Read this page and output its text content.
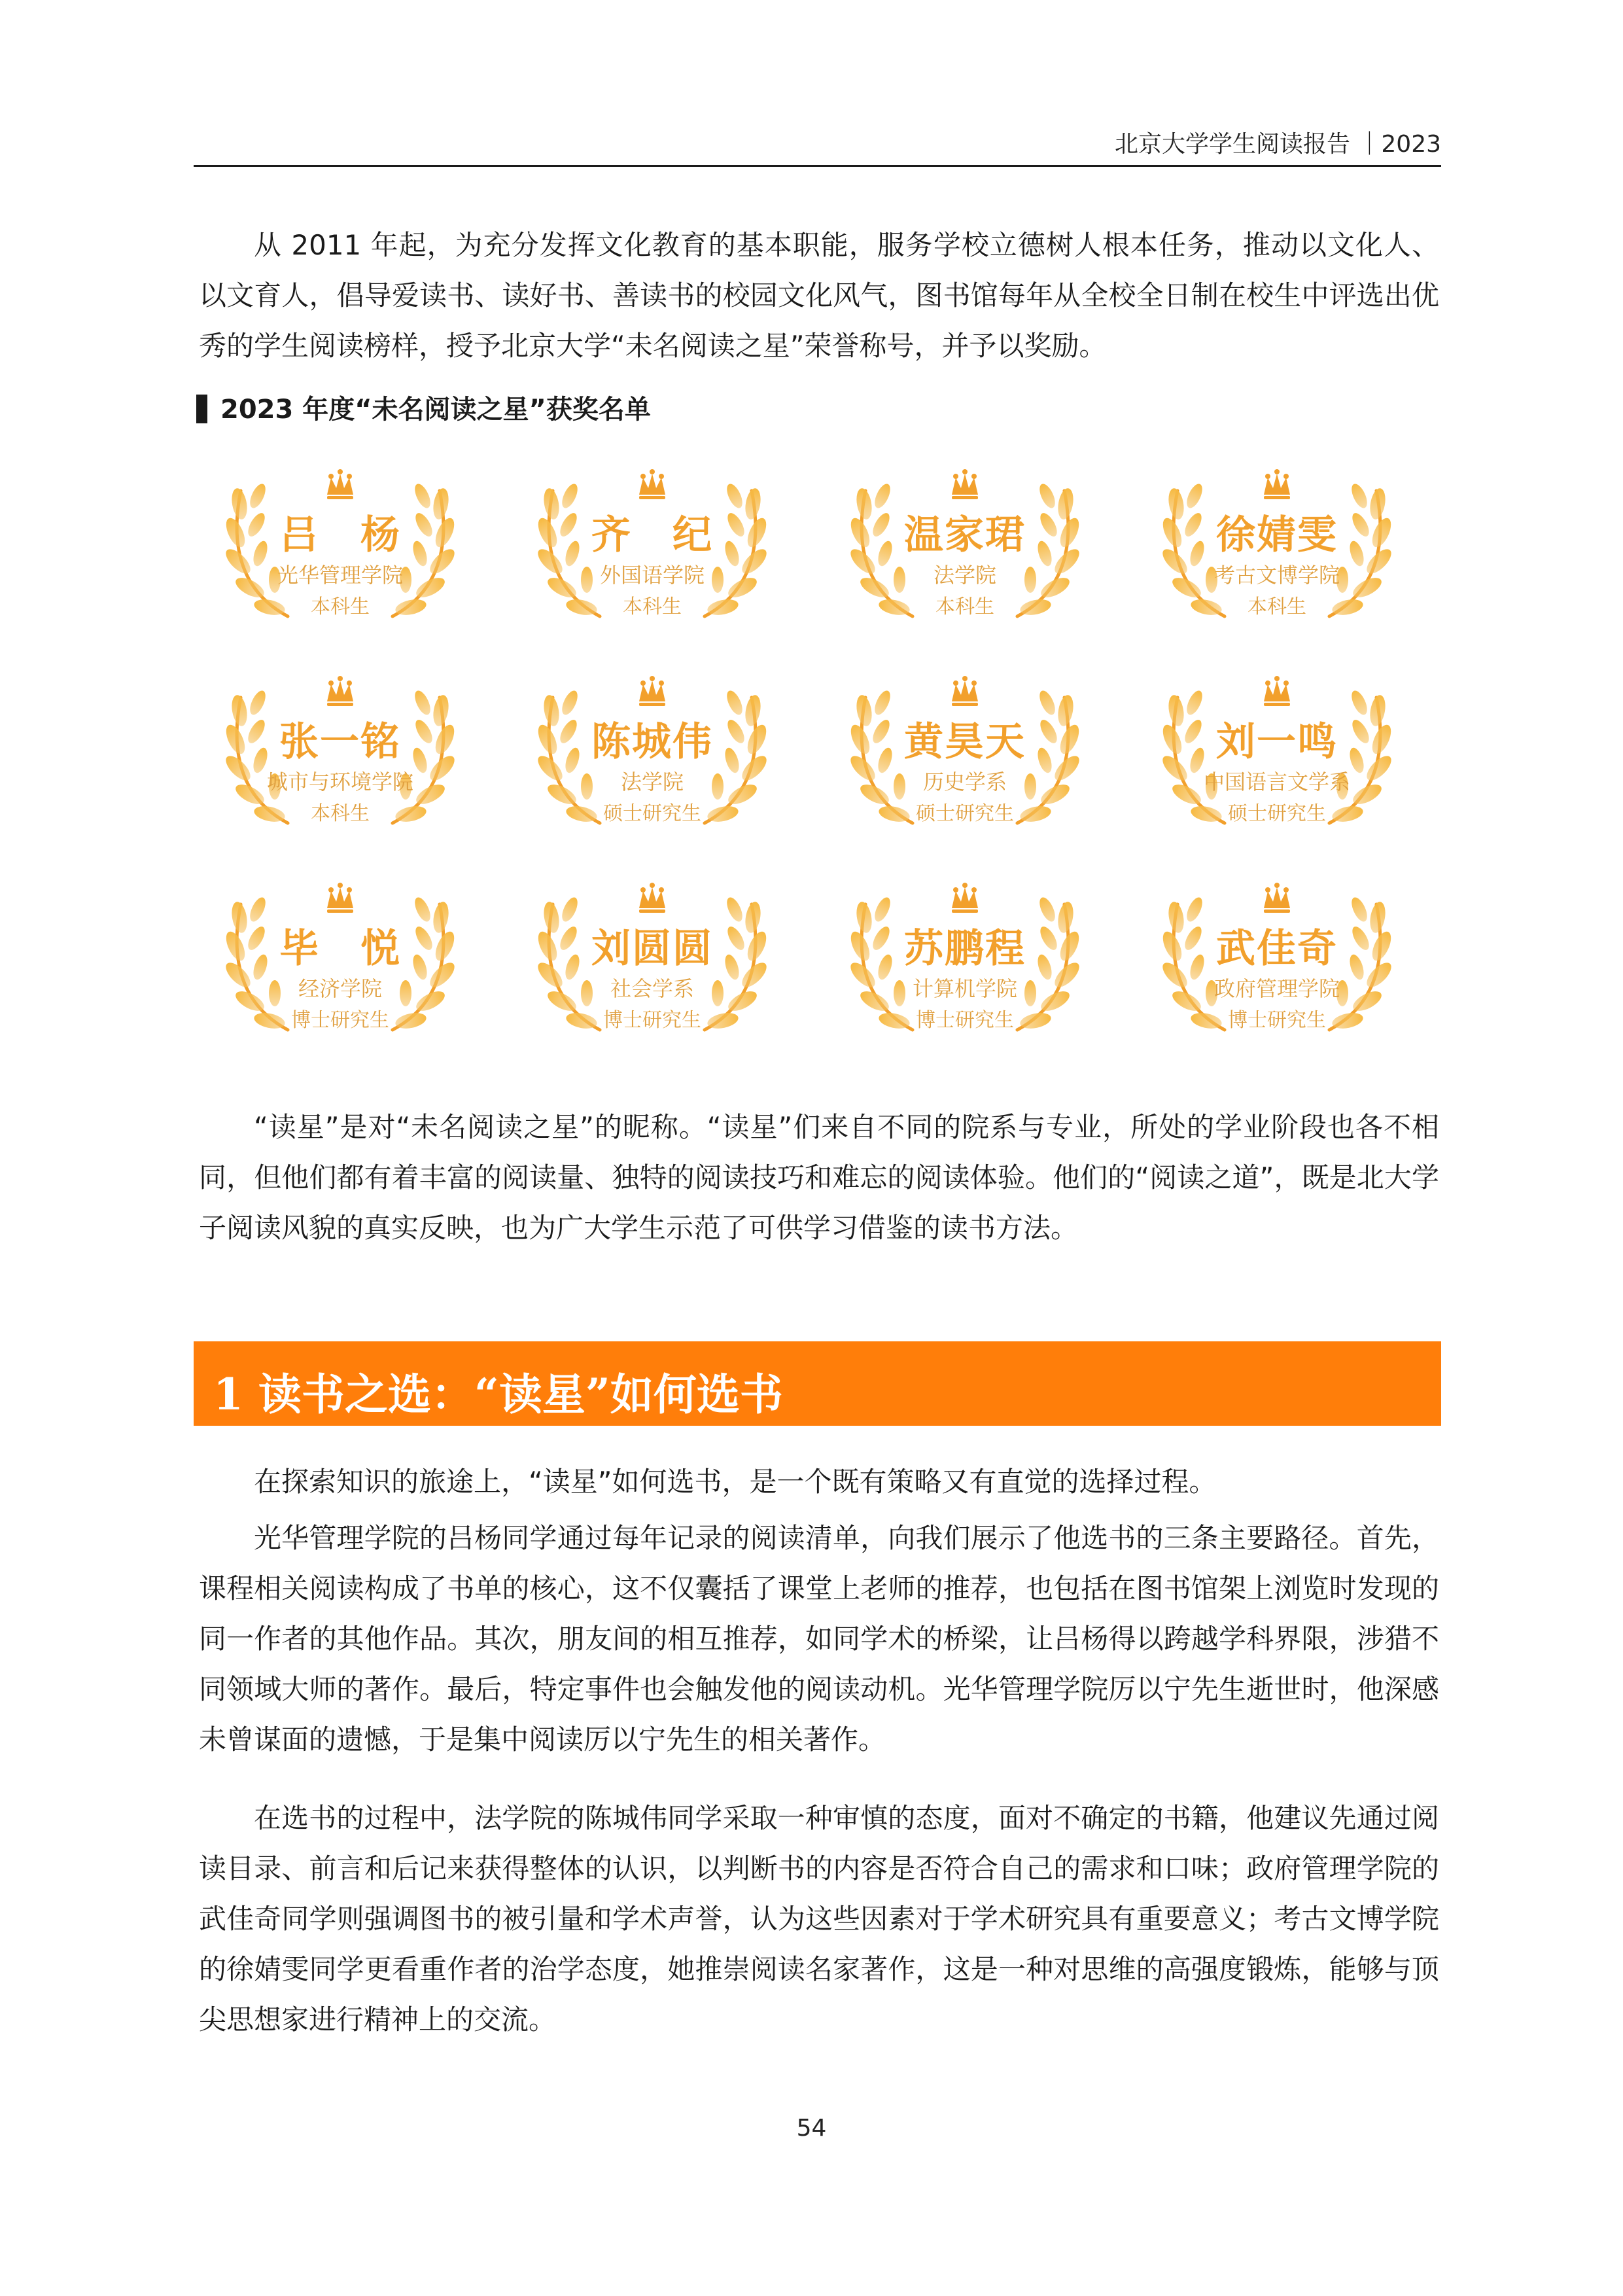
北京大学学生阅读报告 ｜2023

从 2011 年起，为充分发挥文化教育的基本职能，服务学校立德树人根本任务，推动以文化人、以文育人，倡导爱读书、读好书、善读书的校园文化风气，图书馆每年从全校全日制在校生中评选出优秀的学生阅读榜样，授予北京大学“未名阅读之星”荣誉称号，并予以奖励。

2023 年度“未名阅读之星”获奖名单
吕　杨
光华管理学院
本科生
齐　纪
外国语学院
本科生
温家珺
法学院
本科生
徐婧雯
考古文博学院
本科生
张一铭
城市与环境学院
本科生
陈城伟
法学院
硕士研究生
黄昊天
历史学系
硕士研究生
刘一鸣
中国语言文学系
硕士研究生
毕　悦
经济学院
博士研究生
刘圆圆
社会学系
博士研究生
苏鹏程
计算机学院
博士研究生
武佳奇
政府管理学院
博士研究生

“读星”是对“未名阅读之星”的昵称。“读星”们来自不同的院系与专业，所处的学业阶段也各不相同，但他们都有着丰富的阅读量、独特的阅读技巧和难忘的阅读体验。他们的“阅读之道”，既是北大学子阅读风貌的真实反映，也为广大学生示范了可供学习借鉴的读书方法。

1 读书之选：“读星”如何选书

在探索知识的旅途上，“读星”如何选书，是一个既有策略又有直觉的选择过程。

光华管理学院的吕杨同学通过每年记录的阅读清单，向我们展示了他选书的三条主要路径。首先，课程相关阅读构成了书单的核心，这不仅囊括了课堂上老师的推荐，也包括在图书馆架上浏览时发现的同一作者的其他作品。其次，朋友间的相互推荐，如同学术的桥梁，让吕杨得以跨越学科界限，涉猎不同领域大师的著作。最后，特定事件也会触发他的阅读动机。光华管理学院厉以宁先生逝世时，他深感未曾谋面的遗憾，于是集中阅读厉以宁先生的相关著作。

在选书的过程中，法学院的陈城伟同学采取一种审慎的态度，面对不确定的书籍，他建议先通过阅读目录、前言和后记来获得整体的认识，以判断书的内容是否符合自己的需求和口味；政府管理学院的武佳奇同学则强调图书的被引量和学术声誉，认为这些因素对于学术研究具有重要意义；考古文博学院的徐婧雯同学更看重作者的治学态度，她推崇阅读名家著作，这是一种对思维的高强度锻炼，能够与顶尖思想家进行精神上的交流。

54
